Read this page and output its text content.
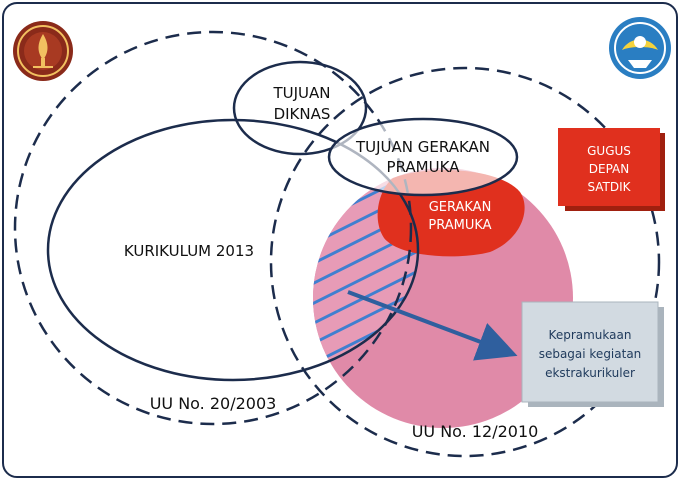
TUJUAN
DIKNAS
TUJUAN GERAKAN
PRAMUKA
GERAKAN
PRAMUKA
KURIKULUM 2013
UU No. 20/2003
UU No. 12/2010
GUGUS
DEPAN
SATDIK
Kepramukaan
sebagai kegiatan
ekstrakurikuler
